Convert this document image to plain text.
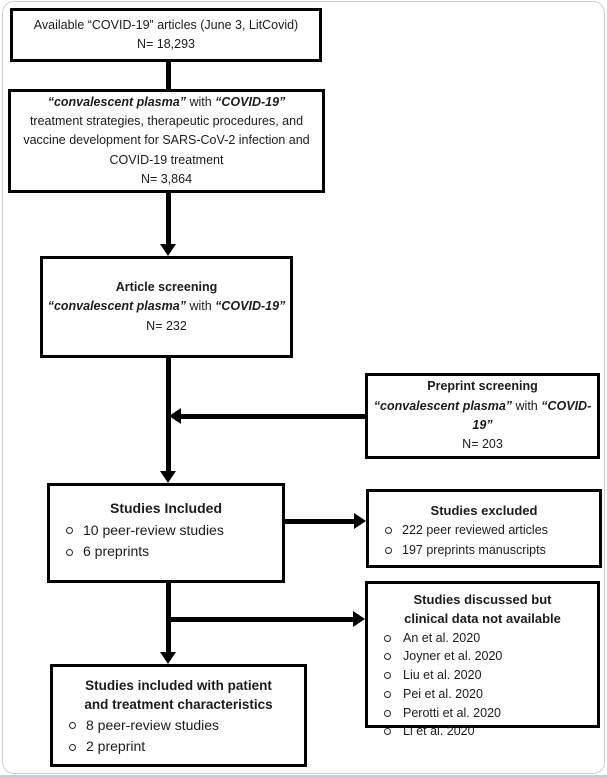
Available “COVID-19” articles (June 3, LitCovid)
N= 18,293
“convalescent plasma” with “COVID-19”
treatment strategies, therapeutic procedures, and
vaccine development for SARS-CoV-2 infection and
COVID-19 treatment
N= 3,864
Article screening
“convalescent plasma” with “COVID-19”
N= 232
Preprint screening
“convalescent plasma” with “COVID-19”
N= 203
Studies Included
10 peer-review studies
6 preprints
Studies excluded
222 peer reviewed articles
197 preprints manuscripts
Studies discussed but
clinical data not available
An et al. 2020
Joyner et al. 2020
Liu et al. 2020
Pei et al. 2020
Perotti et al. 2020
Li et al. 2020
Studies included with patient
and treatment characteristics
8 peer-review studies
2 preprint
